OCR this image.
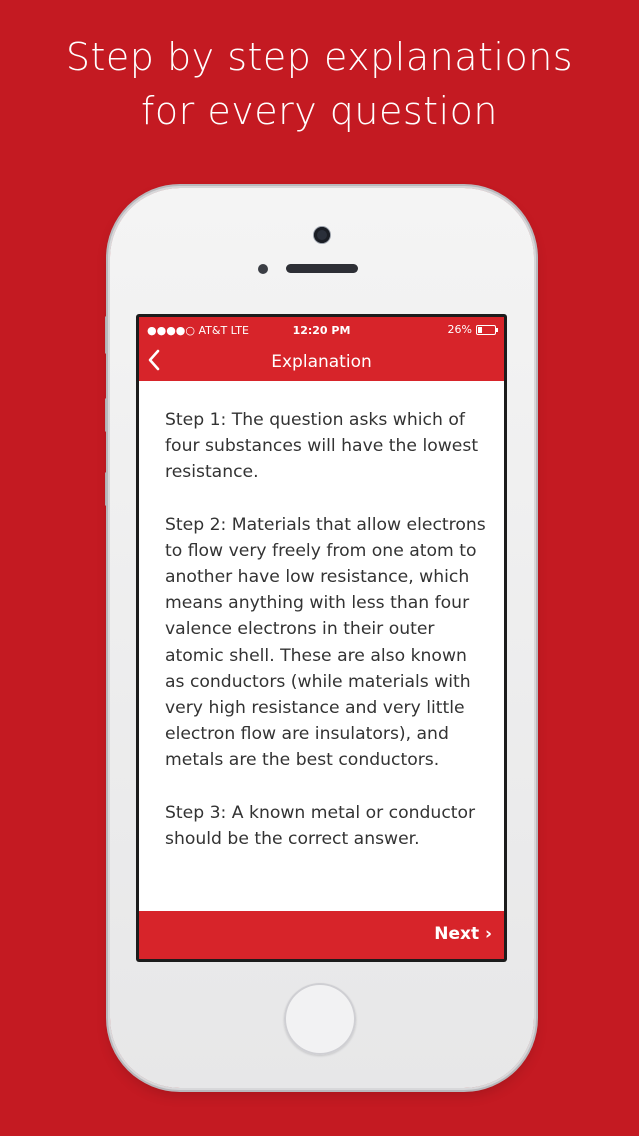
Step by step explanations
for every question
●●●●○ AT&T LTE	12:20 PM	26%
Explanation

Step 1: The question asks which of four substances will have the lowest resistance.

Step 2: Materials that allow electrons to flow very freely from one atom to another have low resistance, which means anything with less than four valence electrons in their outer atomic shell. These are also known as conductors (while materials with very high resistance and very little electron flow are insulators), and metals are the best conductors.

Step 3: A known metal or conductor should be the correct answer.

Next ›
